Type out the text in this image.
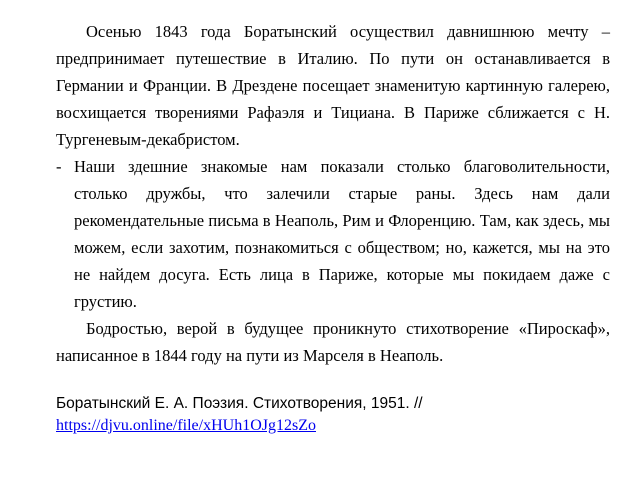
Осенью 1843 года Боратынский осуществил давнишнюю мечту – предпринимает путешествие в Италию. По пути он останавливается в Германии и Франции. В Дрездене посещает знаменитую картинную галерею, восхищается творениями Рафаэля и Тициана. В Париже сближается с Н. Тургеневым-декабристом.

- Наши здешние знакомые нам показали столько благоволительности, столько дружбы, что залечили старые раны. Здесь нам дали рекомендательные письма в Неаполь, Рим и Флоренцию. Там, как здесь, мы можем, если захотим, познакомиться с обществом; но, кажется, мы на это не найдем досуга. Есть лица в Париже, которые мы покидаем даже с грустию.

Бодростью, верой в будущее проникнуто стихотворение «Пироскаф», написанное в 1844 году на пути из Марселя в Неаполь.

Боратынский Е. А. Поэзия. Стихотворения, 1951. //
https://djvu.online/file/xHUh1OJg12sZo
